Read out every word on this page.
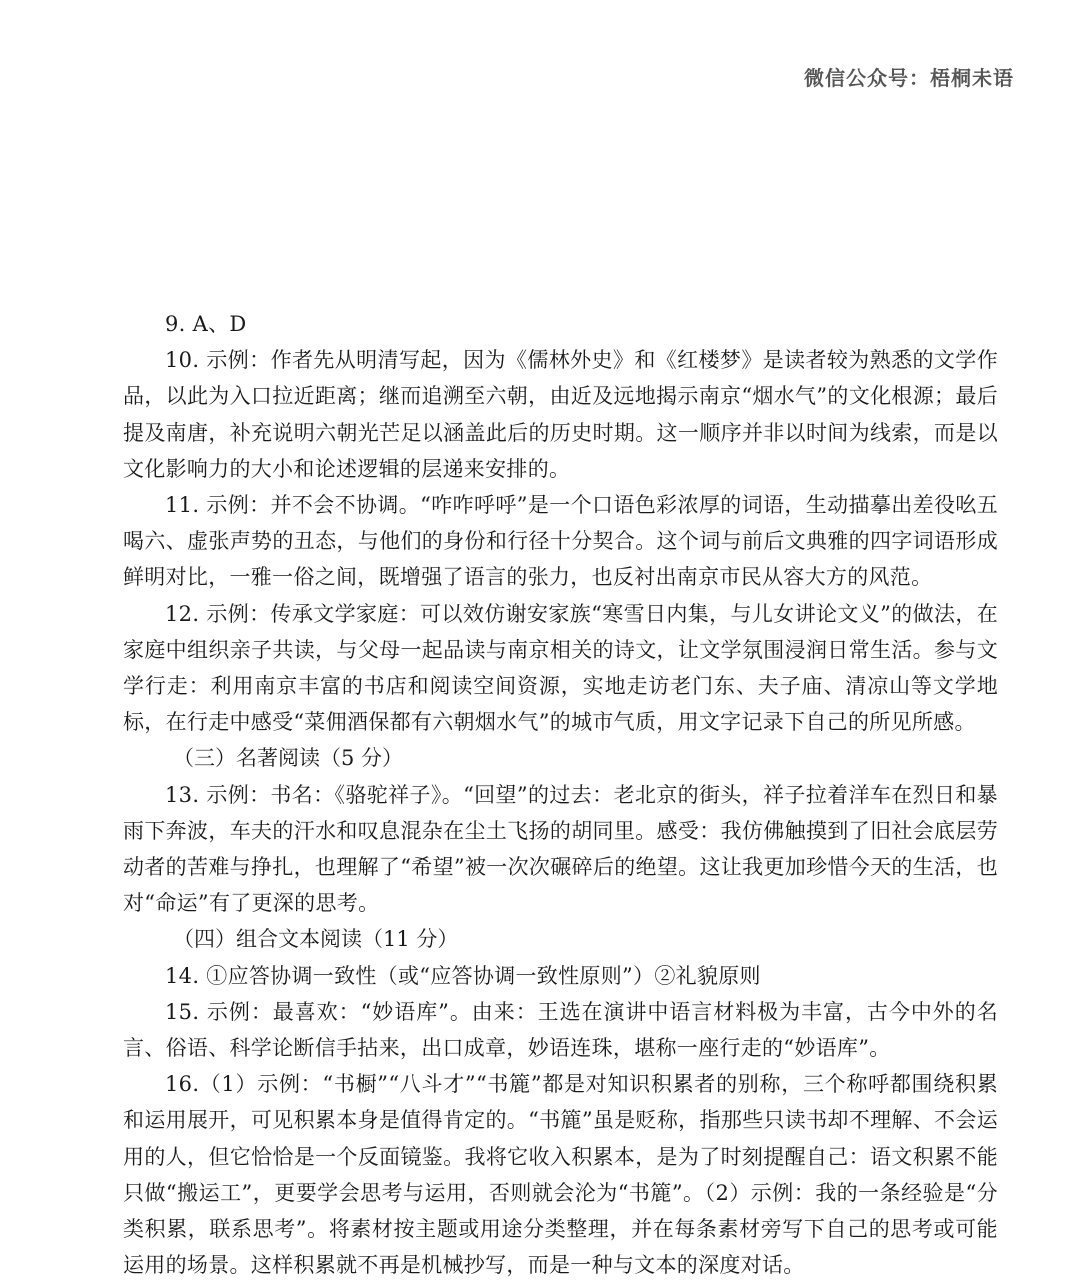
微信公众号：梧桐未语

9. A、D

10. 示例：作者先从明清写起，因为《儒林外史》和《红楼梦》是读者较为熟悉的文学作品，以此为入口拉近距离；继而追溯至六朝，由近及远地揭示南京“烟水气”的文化根源；最后提及南唐，补充说明六朝光芒足以涵盖此后的历史时期。这一顺序并非以时间为线索，而是以文化影响力的大小和论述逻辑的层递来安排的。

11. 示例：并不会不协调。“咋咋呼呼”是一个口语色彩浓厚的词语，生动描摹出差役吆五喝六、虚张声势的丑态，与他们的身份和行径十分契合。这个词与前后文典雅的四字词语形成鲜明对比，一雅一俗之间，既增强了语言的张力，也反衬出南京市民从容大方的风范。

12. 示例：传承文学家庭：可以效仿谢安家族“寒雪日内集，与儿女讲论文义”的做法，在家庭中组织亲子共读，与父母一起品读与南京相关的诗文，让文学氛围浸润日常生活。参与文学行走：利用南京丰富的书店和阅读空间资源，实地走访老门东、夫子庙、清凉山等文学地标，在行走中感受“菜佣酒保都有六朝烟水气”的城市气质，用文字记录下自己的所见所感。

（三）名著阅读（5 分）

13. 示例：书名：《骆驼祥子》。“回望”的过去：老北京的街头，祥子拉着洋车在烈日和暴雨下奔波，车夫的汗水和叹息混杂在尘土飞扬的胡同里。感受：我仿佛触摸到了旧社会底层劳动者的苦难与挣扎，也理解了“希望”被一次次碾碎后的绝望。这让我更加珍惜今天的生活，也对“命运”有了更深的思考。

（四）组合文本阅读（11 分）

14. ①应答协调一致性（或“应答协调一致性原则”）②礼貌原则

15. 示例：最喜欢：“妙语库”。由来：王选在演讲中语言材料极为丰富，古今中外的名言、俗语、科学论断信手拈来，出口成章，妙语连珠，堪称一座行走的“妙语库”。

16.（1）示例：“书橱”“八斗才”“书簏”都是对知识积累者的别称，三个称呼都围绕积累和运用展开，可见积累本身是值得肯定的。“书簏”虽是贬称，指那些只读书却不理解、不会运用的人，但它恰恰是一个反面镜鉴。我将它收入积累本，是为了时刻提醒自己：语文积累不能只做“搬运工”，更要学会思考与运用，否则就会沦为“书簏”。（2）示例：我的一条经验是“分类积累，联系思考”。将素材按主题或用途分类整理，并在每条素材旁写下自己的思考或可能运用的场景。这样积累就不再是机械抄写，而是一种与文本的深度对话。
